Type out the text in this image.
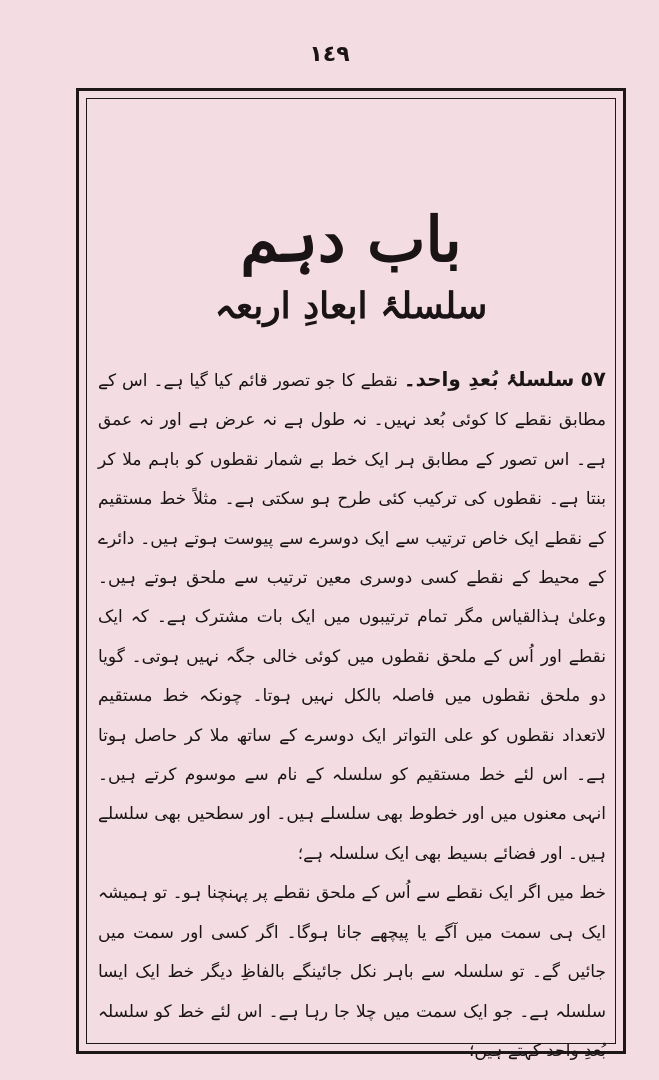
١٤٩
باب دہم
سلسلۂ ابعادِ اربعہ

٥٧ سلسلۂ بُعدِ واحد۔ نقطے کا جو تصور قائم کیا گیا ہے۔ اس کے مطابق نقطے کا کوئی بُعد نہیں۔ نہ طول ہے نہ عرض ہے اور نہ عمق ہے۔ اس تصور کے مطابق ہر ایک خط بے شمار نقطوں کو باہم ملا کر بنتا ہے۔ نقطوں کی ترکیب کئی طرح ہو سکتی ہے۔ مثلاً خط مستقیم کے نقطے ایک خاص ترتیب سے ایک دوسرے سے پیوست ہوتے ہیں۔ دائرے کے محیط کے نقطے کسی دوسری معین ترتیب سے ملحق ہوتے ہیں۔ وعلیٰ ہذالقیاس مگر تمام ترتیبوں میں ایک بات مشترک ہے۔ کہ ایک نقطے اور اُس کے ملحق نقطوں میں کوئی خالی جگہ نہیں ہوتی۔ گویا دو ملحق نقطوں میں فاصلہ بالکل نہیں ہوتا۔ چونکہ خط مستقیم لاتعداد نقطوں کو علی التواتر ایک دوسرے کے ساتھ ملا کر حاصل ہوتا ہے۔ اس لئے خط مستقیم کو سلسلہ کے نام سے موسوم کرتے ہیں۔ انہی معنوں میں اور خطوط بھی سلسلے ہیں۔ اور سطحیں بھی سلسلے ہیں۔ اور فضائے بسیط بھی ایک سلسلہ ہے؛

خط میں اگر ایک نقطے سے اُس کے ملحق نقطے پر پہنچنا ہو۔ تو ہمیشہ ایک ہی سمت میں آگے یا پیچھے جانا ہوگا۔ اگر کسی اور سمت میں جائیں گے۔ تو سلسلہ سے باہر نکل جائینگے بالفاظِ دیگر خط ایک ایسا سلسلہ ہے۔ جو ایک سمت میں چلا جا رہا ہے۔ اس لئے خط کو سلسلہ بُعدِ واحد کہتے ہیں؛
